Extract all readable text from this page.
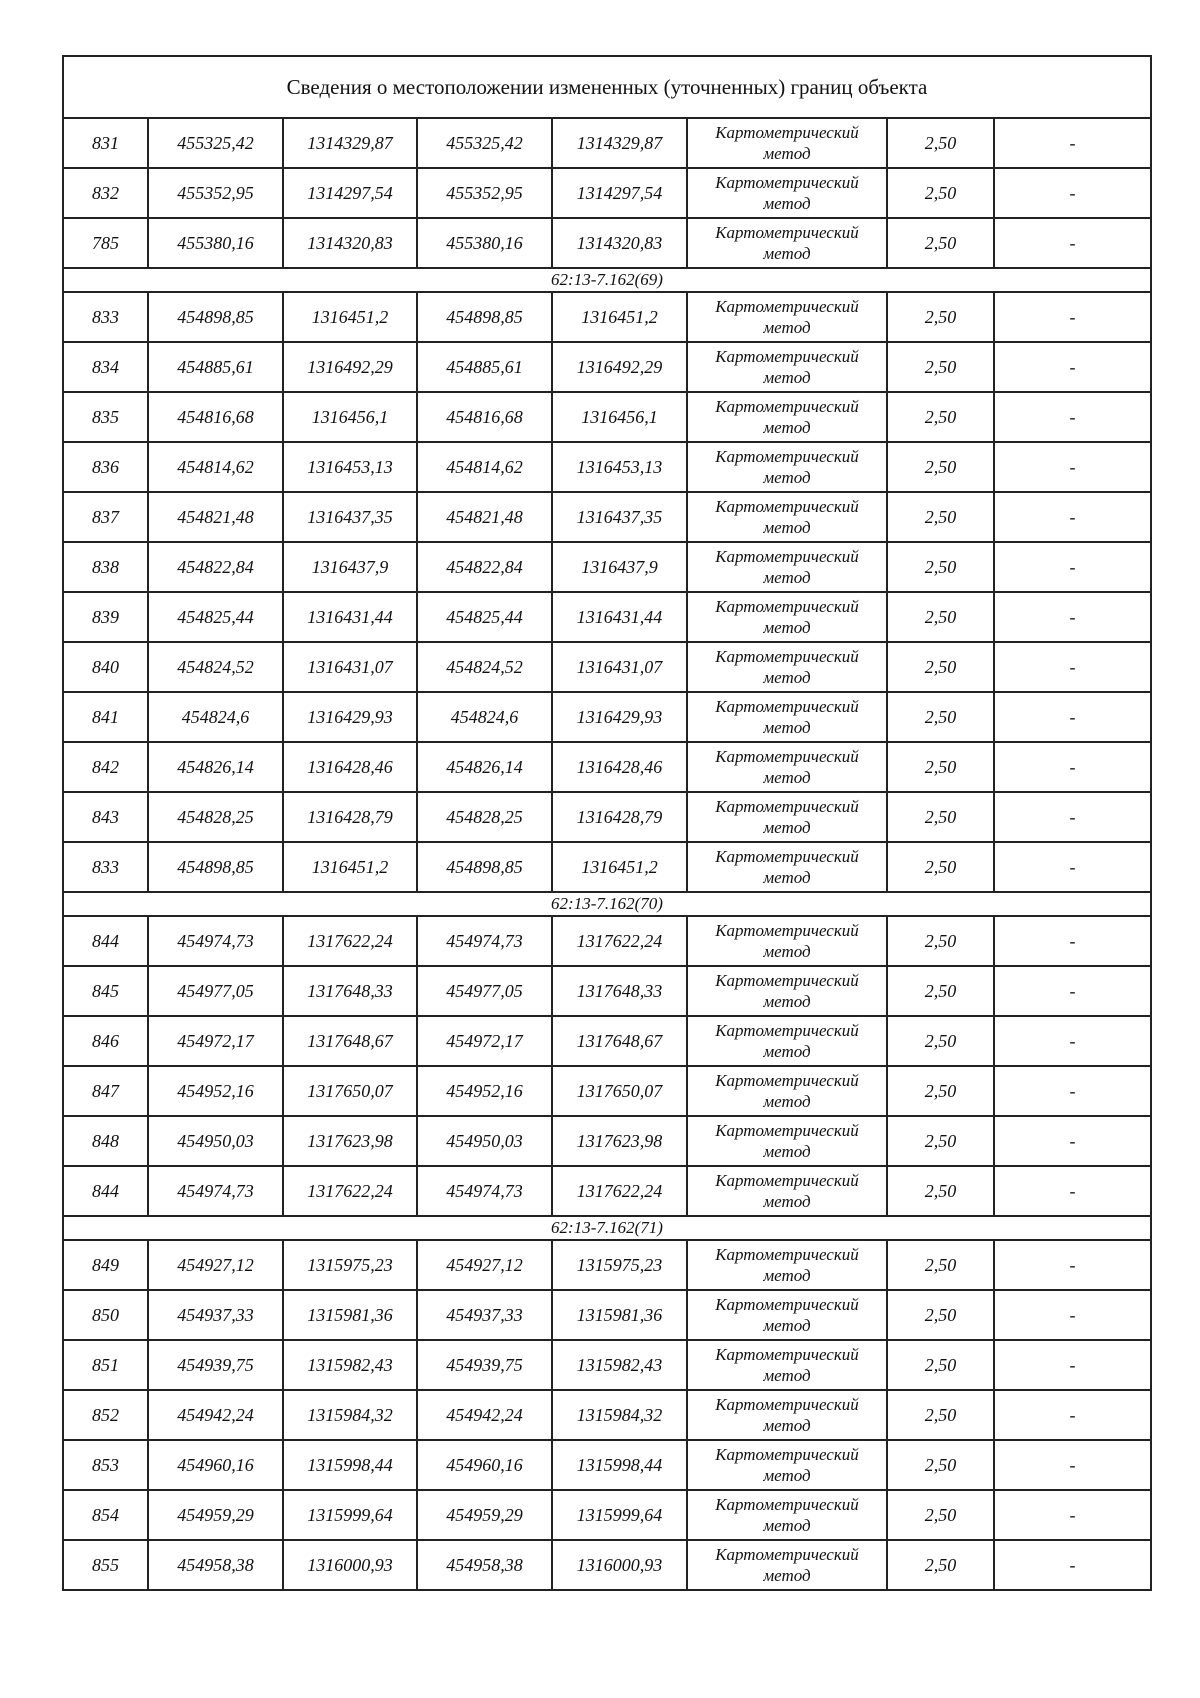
Сведения о местоположении измененных (уточненных) границ объекта							
831	455325,42	1314329,87	455325,42	1314329,87	Картометрический
метод	2,50	-
832	455352,95	1314297,54	455352,95	1314297,54	Картометрический
метод	2,50	-
785	455380,16	1314320,83	455380,16	1314320,83	Картометрический
метод	2,50	-
62:13-7.162(69)							
833	454898,85	1316451,2	454898,85	1316451,2	Картометрический
метод	2,50	-
834	454885,61	1316492,29	454885,61	1316492,29	Картометрический
метод	2,50	-
835	454816,68	1316456,1	454816,68	1316456,1	Картометрический
метод	2,50	-
836	454814,62	1316453,13	454814,62	1316453,13	Картометрический
метод	2,50	-
837	454821,48	1316437,35	454821,48	1316437,35	Картометрический
метод	2,50	-
838	454822,84	1316437,9	454822,84	1316437,9	Картометрический
метод	2,50	-
839	454825,44	1316431,44	454825,44	1316431,44	Картометрический
метод	2,50	-
840	454824,52	1316431,07	454824,52	1316431,07	Картометрический
метод	2,50	-
841	454824,6	1316429,93	454824,6	1316429,93	Картометрический
метод	2,50	-
842	454826,14	1316428,46	454826,14	1316428,46	Картометрический
метод	2,50	-
843	454828,25	1316428,79	454828,25	1316428,79	Картометрический
метод	2,50	-
833	454898,85	1316451,2	454898,85	1316451,2	Картометрический
метод	2,50	-
62:13-7.162(70)							
844	454974,73	1317622,24	454974,73	1317622,24	Картометрический
метод	2,50	-
845	454977,05	1317648,33	454977,05	1317648,33	Картометрический
метод	2,50	-
846	454972,17	1317648,67	454972,17	1317648,67	Картометрический
метод	2,50	-
847	454952,16	1317650,07	454952,16	1317650,07	Картометрический
метод	2,50	-
848	454950,03	1317623,98	454950,03	1317623,98	Картометрический
метод	2,50	-
844	454974,73	1317622,24	454974,73	1317622,24	Картометрический
метод	2,50	-
62:13-7.162(71)							
849	454927,12	1315975,23	454927,12	1315975,23	Картометрический
метод	2,50	-
850	454937,33	1315981,36	454937,33	1315981,36	Картометрический
метод	2,50	-
851	454939,75	1315982,43	454939,75	1315982,43	Картометрический
метод	2,50	-
852	454942,24	1315984,32	454942,24	1315984,32	Картометрический
метод	2,50	-
853	454960,16	1315998,44	454960,16	1315998,44	Картометрический
метод	2,50	-
854	454959,29	1315999,64	454959,29	1315999,64	Картометрический
метод	2,50	-
855	454958,38	1316000,93	454958,38	1316000,93	Картометрический
метод	2,50	-
